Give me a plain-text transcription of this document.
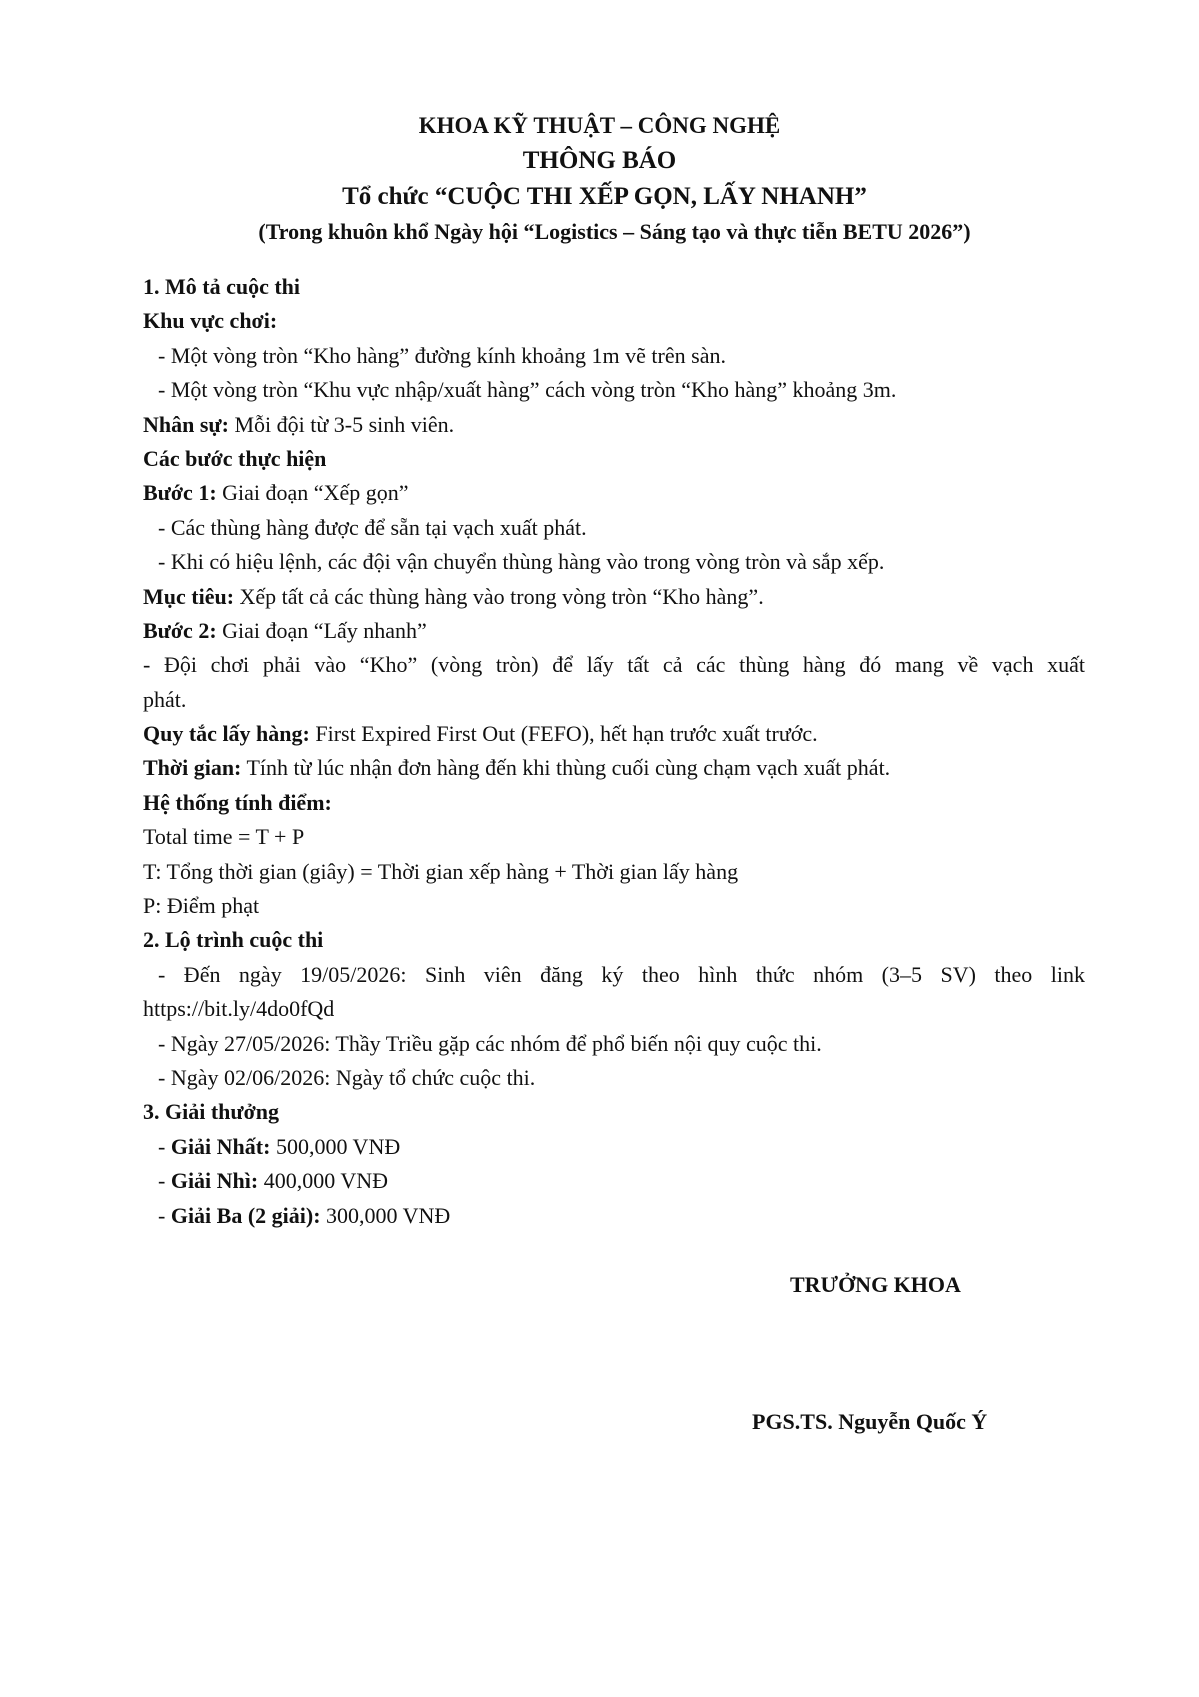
KHOA KỸ THUẬT – CÔNG NGHỆ
THÔNG BÁO
Tổ chức “CUỘC THI XẾP GỌN, LẤY NHANH”
(Trong khuôn khổ Ngày hội “Logistics – Sáng tạo và thực tiễn BETU 2026”)
1. Mô tả cuộc thi
Khu vực chơi:
- Một vòng tròn “Kho hàng” đường kính khoảng 1m vẽ trên sàn.
- Một vòng tròn “Khu vực nhập/xuất hàng” cách vòng tròn “Kho hàng” khoảng 3m.
Nhân sự: Mỗi đội từ 3-5 sinh viên.
Các bước thực hiện
Bước 1: Giai đoạn “Xếp gọn”
- Các thùng hàng được để sẵn tại vạch xuất phát.
- Khi có hiệu lệnh, các đội vận chuyển thùng hàng vào trong vòng tròn và sắp xếp.
Mục tiêu: Xếp tất cả các thùng hàng vào trong vòng tròn “Kho hàng”.
Bước 2: Giai đoạn “Lấy nhanh”
- Đội chơi phải vào “Kho” (vòng tròn) để lấy tất cả các thùng hàng đó mang về vạch xuất
phát.
Quy tắc lấy hàng: First Expired First Out (FEFO), hết hạn trước xuất trước.
Thời gian: Tính từ lúc nhận đơn hàng đến khi thùng cuối cùng chạm vạch xuất phát.
Hệ thống tính điểm:
Total time = T + P
T: Tổng thời gian (giây) = Thời gian xếp hàng + Thời gian lấy hàng
P: Điểm phạt
2. Lộ trình cuộc thi
- Đến ngày 19/05/2026: Sinh viên đăng ký theo hình thức nhóm (3–5 SV) theo link
https://bit.ly/4do0fQd
- Ngày 27/05/2026: Thầy Triều gặp các nhóm để phổ biến nội quy cuộc thi.
- Ngày 02/06/2026: Ngày tổ chức cuộc thi.
3. Giải thưởng
- Giải Nhất: 500,000 VNĐ
- Giải Nhì: 400,000 VNĐ
- Giải Ba (2 giải): 300,000 VNĐ
TRƯỞNG KHOA
PGS.TS. Nguyễn Quốc Ý
